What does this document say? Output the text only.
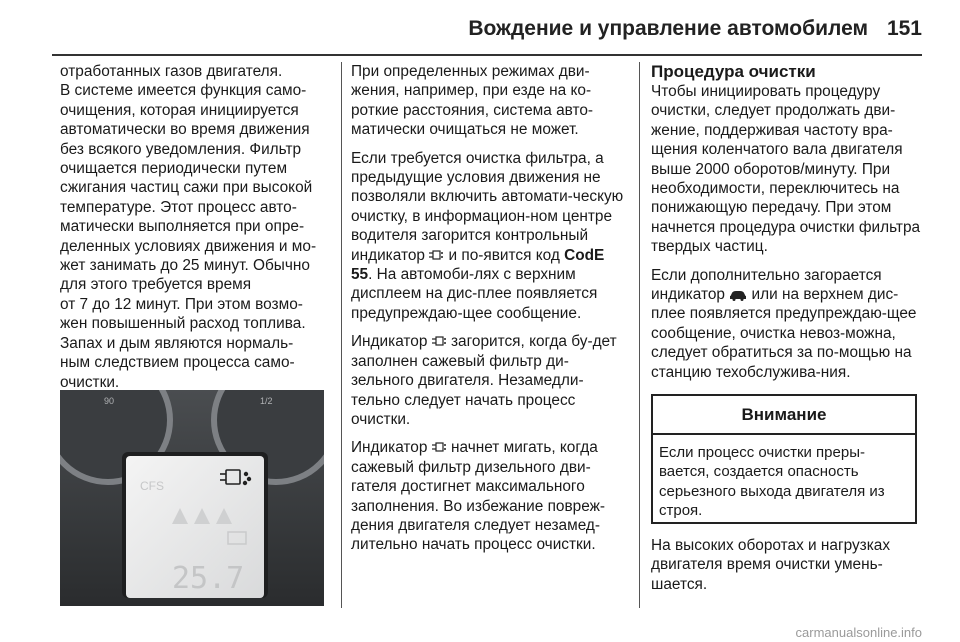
Вождение и управление автомобилем 151

отработанных газов двигателя.

В системе имеется функция само-

очищения, которая инициируется

автоматически во время движения

без всякого уведомления. Фильтр

очищается периодически путем

сжигания частиц сажи при высокой

температуре. Этот процесс авто-

матически выполняется при опре-

деленных условиях движения и мо-

жет занимать до 25 минут. Обычно

для этого требуется время

от 7 до 12 минут. При этом возмо-

жен повышенный расход топлива.

Запах и дым являются нормаль-

ным следствием процесса само-

очистки.

90	1/2
CFS
25.7

При определенных режимах дви-жения, например, при езде на ко-роткие расстояния, система авто-матически очищаться не может.

Если требуется очистка фильтра, а предыдущие условия движения не позволяли включить автомати-ческую очистку, в информацион-ном центре водителя загорится контрольный индикатор и по-явится код CodE 55. На автомоби-лях с верхним дисплеем на дис-плее появляется предупреждаю-щее сообщение.

Индикатор загорится, когда бу-дет заполнен сажевый фильтр ди-зельного двигателя. Незамедли-тельно следует начать процесс очистки.

Индикатор начнет мигать, когда сажевый фильтр дизельного дви-гателя достигнет максимального заполнения. Во избежание повреж-дения двигателя следует незамед-лительно начать процесс очистки.

Процедура очистки

Чтобы инициировать процедуру очистки, следует продолжать дви-жение, поддерживая частоту вра-щения коленчатого вала двигателя выше 2000 оборотов/минуту. При необходимости, переключитесь на понижающую передачу. При этом начнется процедура очистки фильтра твердых частиц.

Если дополнительно загорается индикатор или на верхнем дис-плее появляется предупреждаю-щее сообщение, очистка невоз-можна, следует обратиться за по-мощью на станцию техобслужива-ния.

Внимание
Если процесс очистки преры-вается, создается опасность серьезного выхода двигателя из строя.
На высоких оборотах и нагрузках двигателя время очистки умень-шается.
carmanualsonline.info
